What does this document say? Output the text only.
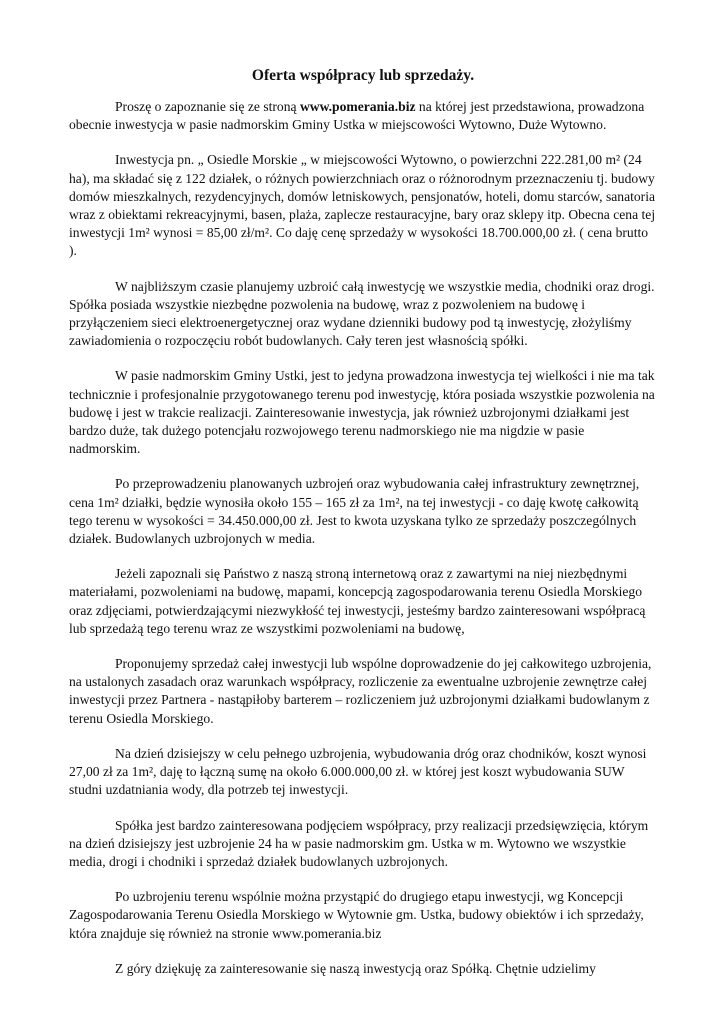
Oferta współpracy lub sprzedaży.

Proszę o zapoznanie się ze stroną www.pomerania.biz na której jest przedstawiona, prowadzona obecnie inwestycja w pasie nadmorskim Gminy Ustka w miejscowości Wytowno, Duże Wytowno.

Inwestycja pn. „ Osiedle Morskie „ w miejscowości Wytowno, o powierzchni 222.281,00 m² (24 ha), ma składać się z 122 działek, o różnych powierzchniach oraz o różnorodnym przeznaczeniu tj. budowy domów mieszkalnych, rezydencyjnych, domów letniskowych, pensjonatów, hoteli, domu starców, sanatoria wraz z obiektami rekreacyjnymi, basen, plaża, zaplecze restauracyjne, bary oraz sklepy itp. Obecna cena tej inwestycji 1m² wynosi = 85,00 zł/m². Co daję cenę sprzedaży w wysokości 18.700.000,00 zł. ( cena brutto ).

W najbliższym czasie planujemy uzbroić całą inwestycję we wszystkie media, chodniki oraz drogi. Spółka posiada wszystkie niezbędne pozwolenia na budowę, wraz z pozwoleniem na budowę i przyłączeniem sieci elektroenergetycznej oraz wydane dzienniki budowy pod tą inwestycję, złożyliśmy zawiadomienia o rozpoczęciu robót budowlanych. Cały teren jest własnością spółki.

W pasie nadmorskim Gminy Ustki, jest to jedyna prowadzona inwestycja tej wielkości i nie ma tak technicznie i profesjonalnie przygotowanego terenu pod inwestycję, która posiada wszystkie pozwolenia na budowę i jest w trakcie realizacji. Zainteresowanie inwestycja, jak również uzbrojonymi działkami jest bardzo duże, tak dużego potencjału rozwojowego terenu nadmorskiego nie ma nigdzie w pasie nadmorskim.

Po przeprowadzeniu planowanych uzbrojeń oraz wybudowania całej infrastruktury zewnętrznej, cena 1m² działki, będzie wynosiła około 155 – 165 zł za 1m², na tej inwestycji - co daję kwotę całkowitą tego terenu w wysokości = 34.450.000,00 zł. Jest to kwota uzyskana tylko ze sprzedaży poszczególnych działek. Budowlanych uzbrojonych w media.

Jeżeli zapoznali się Państwo z naszą stroną internetową oraz z zawartymi na niej niezbędnymi materiałami, pozwoleniami na budowę, mapami, koncepcją zagospodarowania terenu Osiedla Morskiego oraz zdjęciami, potwierdzającymi niezwykłość tej inwestycji, jesteśmy bardzo zainteresowani współpracą lub sprzedażą tego terenu wraz ze wszystkimi pozwoleniami na budowę,

Proponujemy sprzedaż całej inwestycji lub wspólne doprowadzenie do jej całkowitego uzbrojenia, na ustalonych zasadach oraz warunkach współpracy, rozliczenie za ewentualne uzbrojenie zewnętrze całej inwestycji przez Partnera - nastąpiłoby barterem – rozliczeniem już uzbrojonymi działkami budowlanym z terenu Osiedla Morskiego.

Na dzień dzisiejszy w celu pełnego uzbrojenia, wybudowania dróg oraz chodników, koszt wynosi 27,00 zł za 1m², daję to łączną sumę na około 6.000.000,00 zł. w której jest koszt wybudowania SUW studni uzdatniania wody, dla potrzeb tej inwestycji.

Spółka jest bardzo zainteresowana podjęciem współpracy, przy realizacji przedsięwzięcia, którym na dzień dzisiejszy jest uzbrojenie 24 ha w pasie nadmorskim gm. Ustka w m. Wytowno we wszystkie media, drogi i chodniki i sprzedaż działek budowlanych uzbrojonych.

Po uzbrojeniu terenu wspólnie można przystąpić do drugiego etapu inwestycji, wg Koncepcji Zagospodarowania Terenu Osiedla Morskiego w Wytownie gm. Ustka, budowy obiektów i ich sprzedaży, która znajduje się również na stronie www.pomerania.biz

Z góry dziękuję za zainteresowanie się naszą inwestycją oraz Spółką. Chętnie udzielimy
